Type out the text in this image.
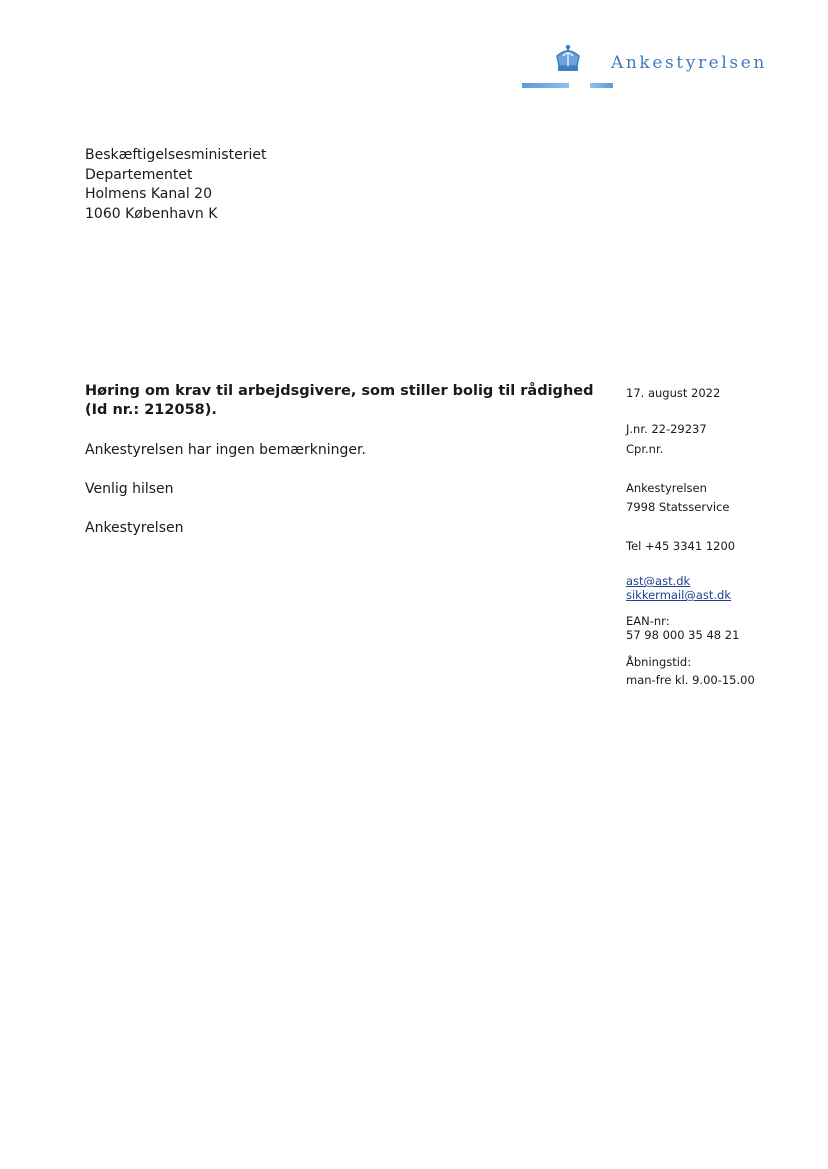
Ankestyrelsen
Beskæftigelsesministeriet
Departementet
Holmens Kanal 20
1060 København K
Høring om krav til arbejdsgivere, som stiller bolig til rådighed (Id nr.: 212058).
Ankestyrelsen har ingen bemærkninger.
Venlig hilsen
Ankestyrelsen
17. august 2022
J.nr. 22-29237
Cpr.nr.
Ankestyrelsen
7998 Statsservice
Tel +45 3341 1200
ast@ast.dk
sikkermail@ast.dk
EAN-nr:
57 98 000 35 48 21
Åbningstid:
man-fre kl. 9.00-15.00
